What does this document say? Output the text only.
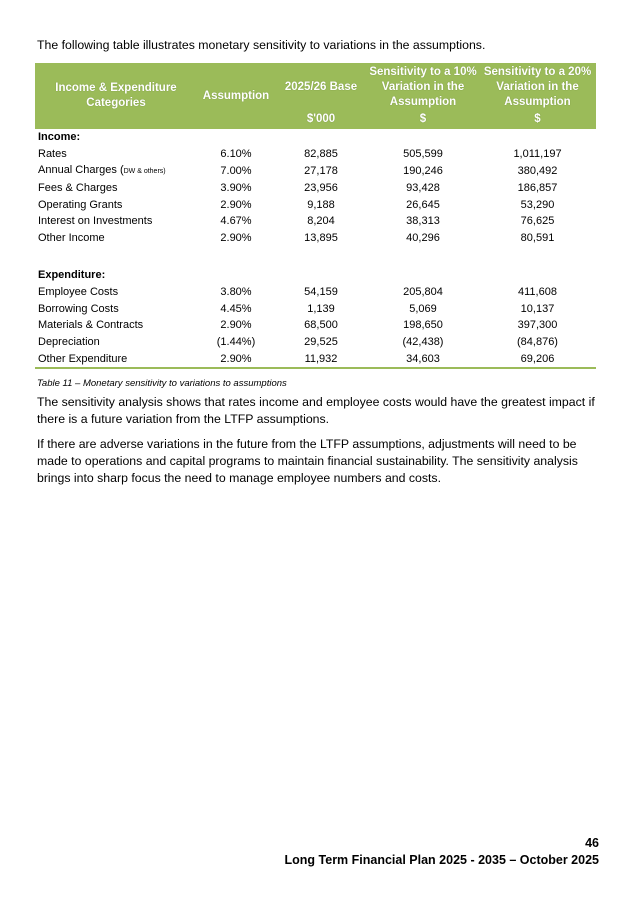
The following table illustrates monetary sensitivity to variations in the assumptions.
Income & Expenditure Categories	Assumption	2025/26 Base	Sensitivity to a 10% Variation in the Assumption	Sensitivity to a 20% Variation in the Assumption
		$'000	$	$
Income:				
Rates	6.10%	82,885	505,599	1,011,197
Annual Charges (DW & others)	7.00%	27,178	190,246	380,492
Fees & Charges	3.90%	23,956	93,428	186,857
Operating Grants	2.90%	9,188	26,645	53,290
Interest on Investments	4.67%	8,204	38,313	76,625
Other Income	2.90%	13,895	40,296	80,591

Expenditure:				
Employee Costs	3.80%	54,159	205,804	411,608
Borrowing Costs	4.45%	1,139	5,069	10,137
Materials & Contracts	2.90%	68,500	198,650	397,300
Depreciation	(1.44%)	29,525	(42,438)	(84,876)
Other Expenditure	2.90%	11,932	34,603	69,206
Table 11 – Monetary sensitivity to variations to assumptions
The sensitivity analysis shows that rates income and employee costs would have the greatest impact if there is a future variation from the LTFP assumptions.
If there are adverse variations in the future from the LTFP assumptions, adjustments will need to be made to operations and capital programs to maintain financial sustainability. The sensitivity analysis brings into sharp focus the need to manage employee numbers and costs.
46
Long Term Financial Plan 2025 - 2035 – October 2025
